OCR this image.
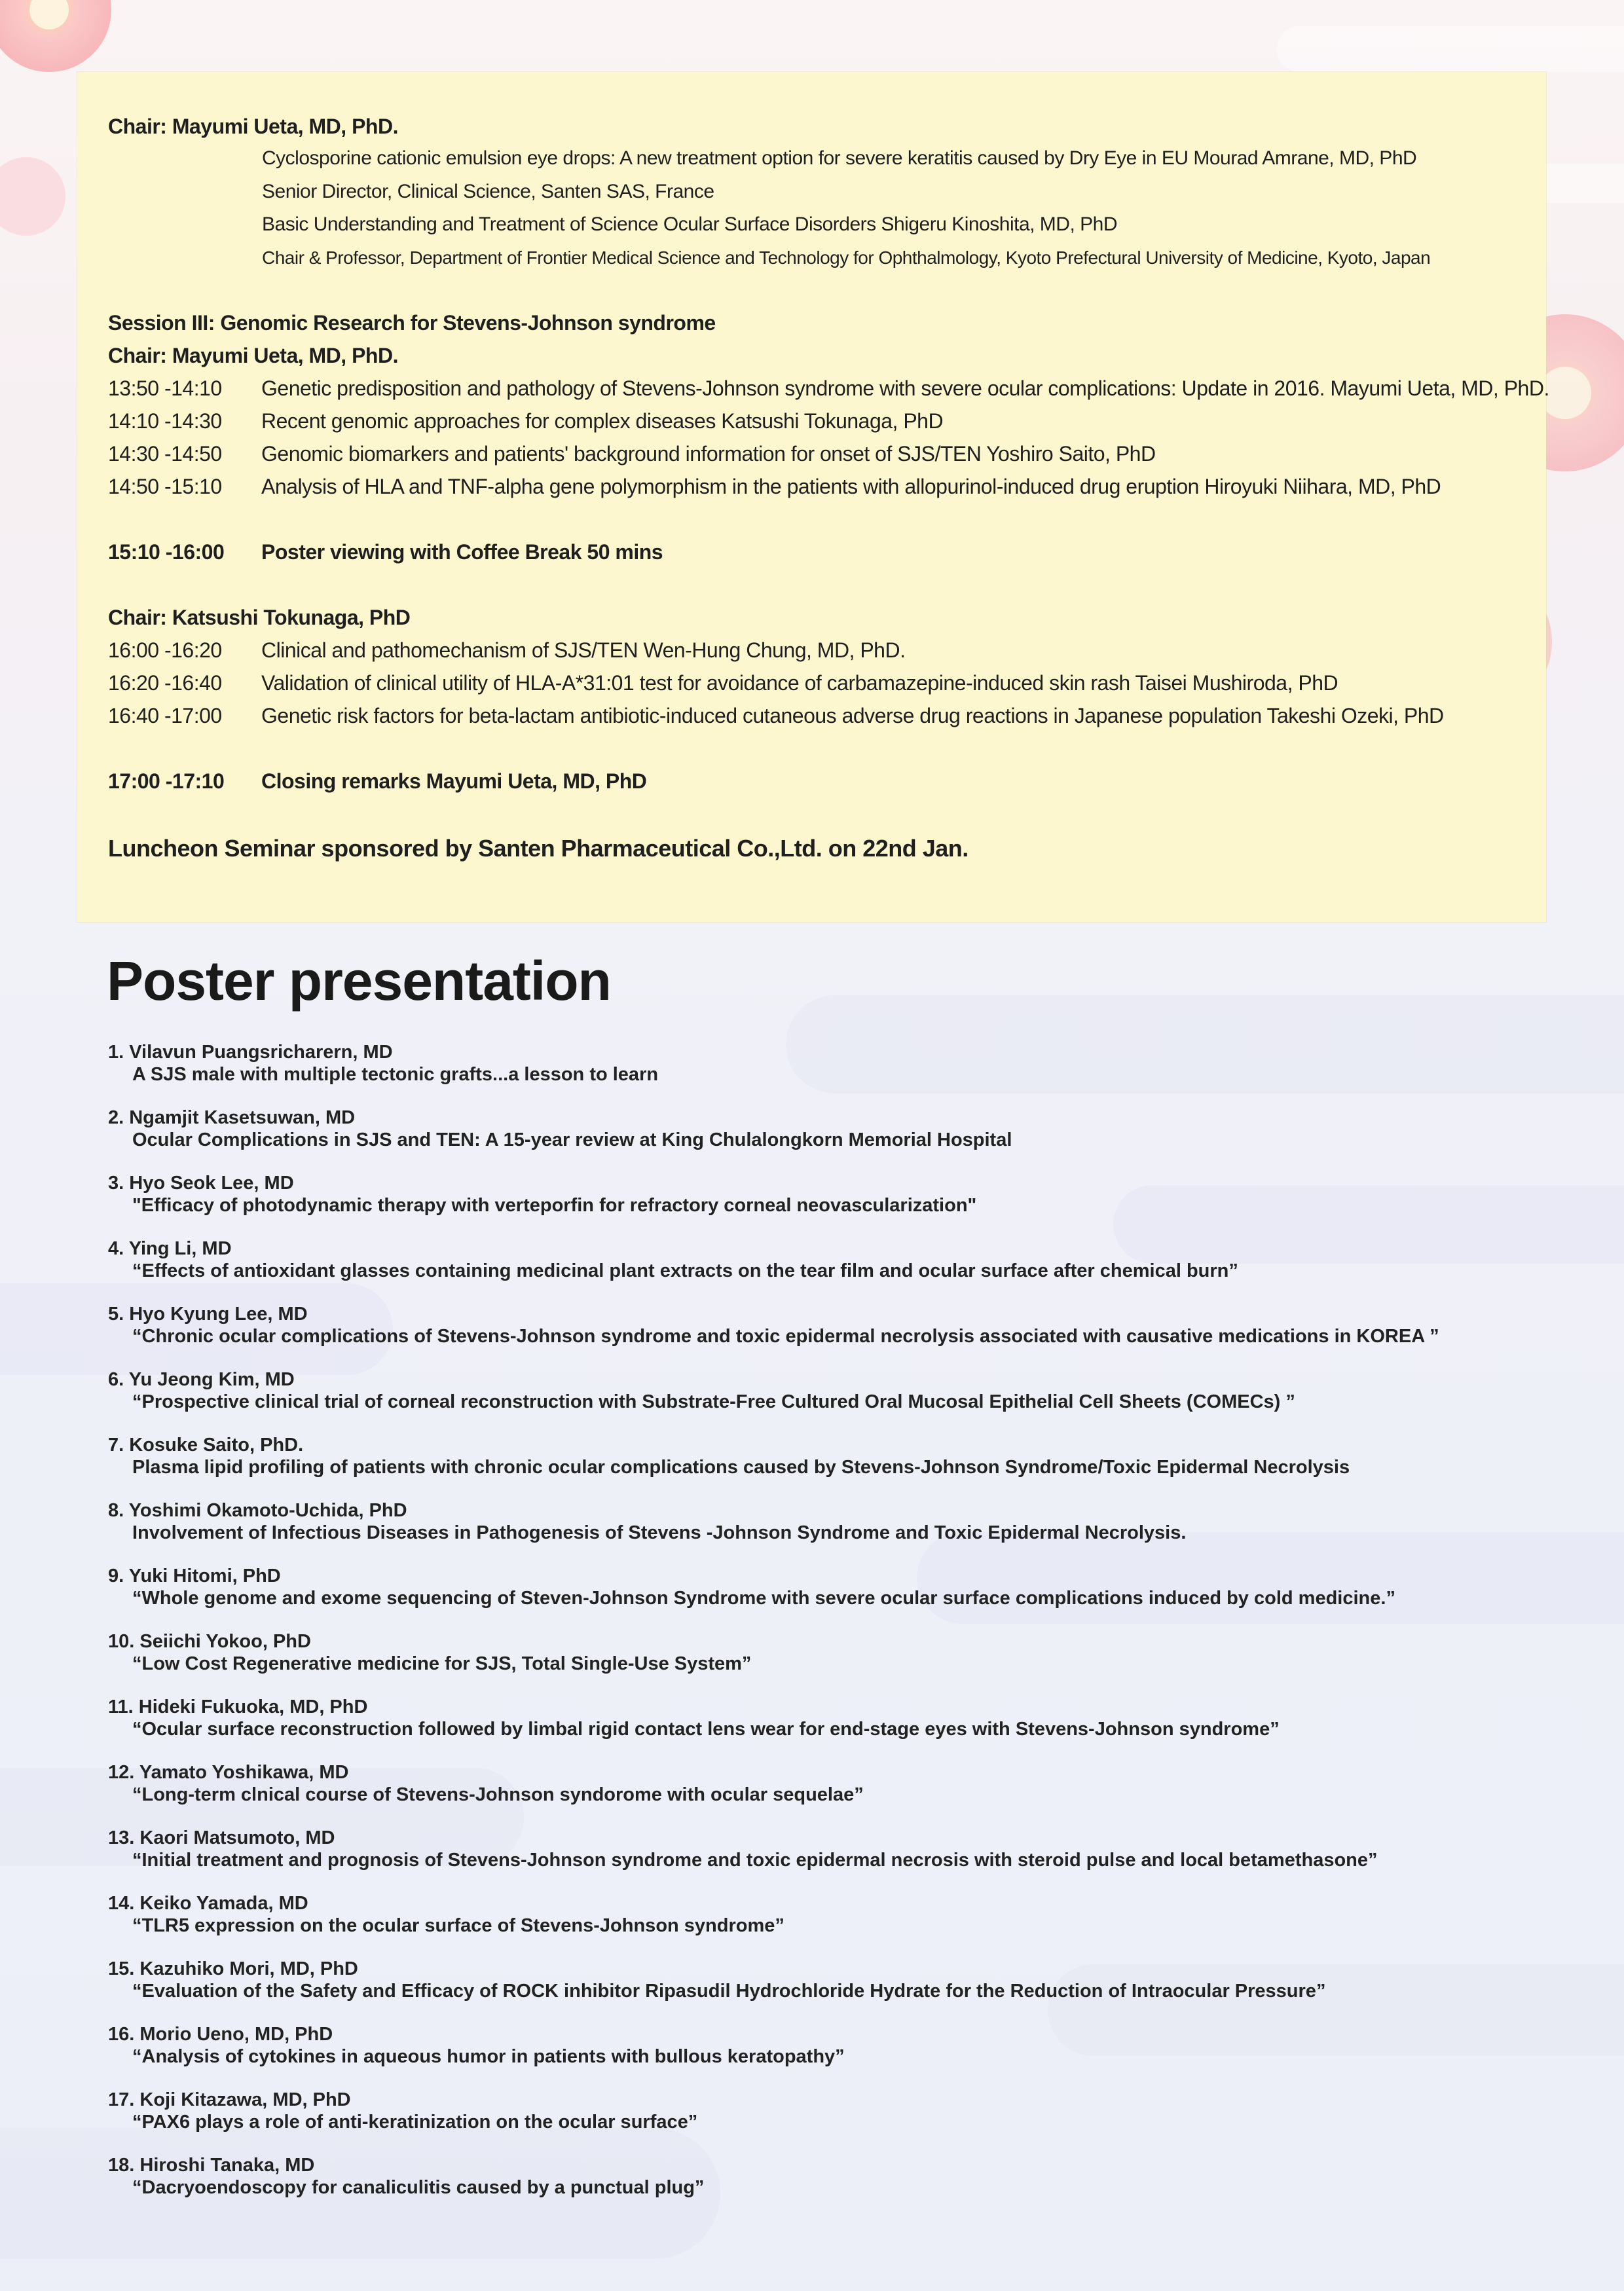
Chair: Mayumi Ueta, MD, PhD.
Cyclosporine cationic emulsion eye drops: A new treatment option for severe keratitis caused by Dry Eye in EU Mourad Amrane, MD, PhD
Senior Director, Clinical Science, Santen SAS, France
Basic Understanding and Treatment of Science Ocular Surface Disorders Shigeru Kinoshita, MD, PhD
Chair & Professor, Department of Frontier Medical Science and Technology for Ophthalmology, Kyoto Prefectural University of Medicine, Kyoto, Japan
Session III: Genomic Research for Stevens-Johnson syndrome
Chair: Mayumi Ueta, MD, PhD.
13:50 -14:10 Genetic predisposition and pathology of Stevens-Johnson syndrome with severe ocular complications: Update in 2016. Mayumi Ueta, MD, PhD.
14:10 -14:30 Recent genomic approaches for complex diseases Katsushi Tokunaga, PhD
14:30 -14:50 Genomic biomarkers and patients' background information for onset of SJS/TEN Yoshiro Saito, PhD
14:50 -15:10 Analysis of HLA and TNF-alpha gene polymorphism in the patients with allopurinol-induced drug eruption Hiroyuki Niihara, MD, PhD
15:10 -16:00 Poster viewing with Coffee Break 50 mins
Chair: Katsushi Tokunaga, PhD
16:00 -16:20 Clinical and pathomechanism of SJS/TEN Wen-Hung Chung, MD, PhD.
16:20 -16:40 Validation of clinical utility of HLA-A*31:01 test for avoidance of carbamazepine-induced skin rash Taisei Mushiroda, PhD
16:40 -17:00 Genetic risk factors for beta-lactam antibiotic-induced cutaneous adverse drug reactions in Japanese population Takeshi Ozeki, PhD
17:00 -17:10 Closing remarks Mayumi Ueta, MD, PhD
Luncheon Seminar sponsored by Santen Pharmaceutical Co.,Ltd. on 22nd Jan.
Poster presentation
1. Vilavun Puangsricharern, MD
A SJS male with multiple tectonic grafts...a lesson to learn
2. Ngamjit Kasetsuwan, MD
Ocular Complications in SJS and TEN: A 15-year review at King Chulalongkorn Memorial Hospital
3. Hyo Seok Lee, MD
"Efficacy of photodynamic therapy with verteporfin for refractory corneal neovascularization"
4. Ying Li, MD
“Effects of antioxidant glasses containing medicinal plant extracts on the tear film and ocular surface after chemical burn”
5. Hyo Kyung Lee, MD
“Chronic ocular complications of Stevens-Johnson syndrome and toxic epidermal necrolysis associated with causative medications in KOREA ”
6. Yu Jeong Kim, MD
“Prospective clinical trial of corneal reconstruction with Substrate-Free Cultured Oral Mucosal Epithelial Cell Sheets (COMECs) ”
7. Kosuke Saito, PhD.
Plasma lipid profiling of patients with chronic ocular complications caused by Stevens-Johnson Syndrome/Toxic Epidermal Necrolysis
8. Yoshimi Okamoto-Uchida, PhD
Involvement of Infectious Diseases in Pathogenesis of Stevens -Johnson Syndrome and Toxic Epidermal Necrolysis.
9. Yuki Hitomi, PhD
“Whole genome and exome sequencing of Steven-Johnson Syndrome with severe ocular surface complications induced by cold medicine.”
10. Seiichi Yokoo, PhD
“Low Cost Regenerative medicine for SJS, Total Single-Use System”
11. Hideki Fukuoka, MD, PhD
“Ocular surface reconstruction followed by limbal rigid contact lens wear for end-stage eyes with Stevens-Johnson syndrome”
12. Yamato Yoshikawa, MD
“Long-term clnical course of Stevens-Johnson syndorome with ocular sequelae”
13. Kaori Matsumoto, MD
“Initial treatment and prognosis of Stevens-Johnson syndrome and toxic epidermal necrosis with steroid pulse and local betamethasone”
14. Keiko Yamada, MD
“TLR5 expression on the ocular surface of Stevens-Johnson syndrome”
15. Kazuhiko Mori, MD, PhD
“Evaluation of the Safety and Efficacy of ROCK inhibitor Ripasudil Hydrochloride Hydrate for the Reduction of Intraocular Pressure”
16. Morio Ueno, MD, PhD
“Analysis of cytokines in aqueous humor in patients with bullous keratopathy”
17. Koji Kitazawa, MD, PhD
“PAX6 plays a role of anti-keratinization on the ocular surface”
18. Hiroshi Tanaka, MD
“Dacryoendoscopy for canaliculitis caused by a punctual plug”
